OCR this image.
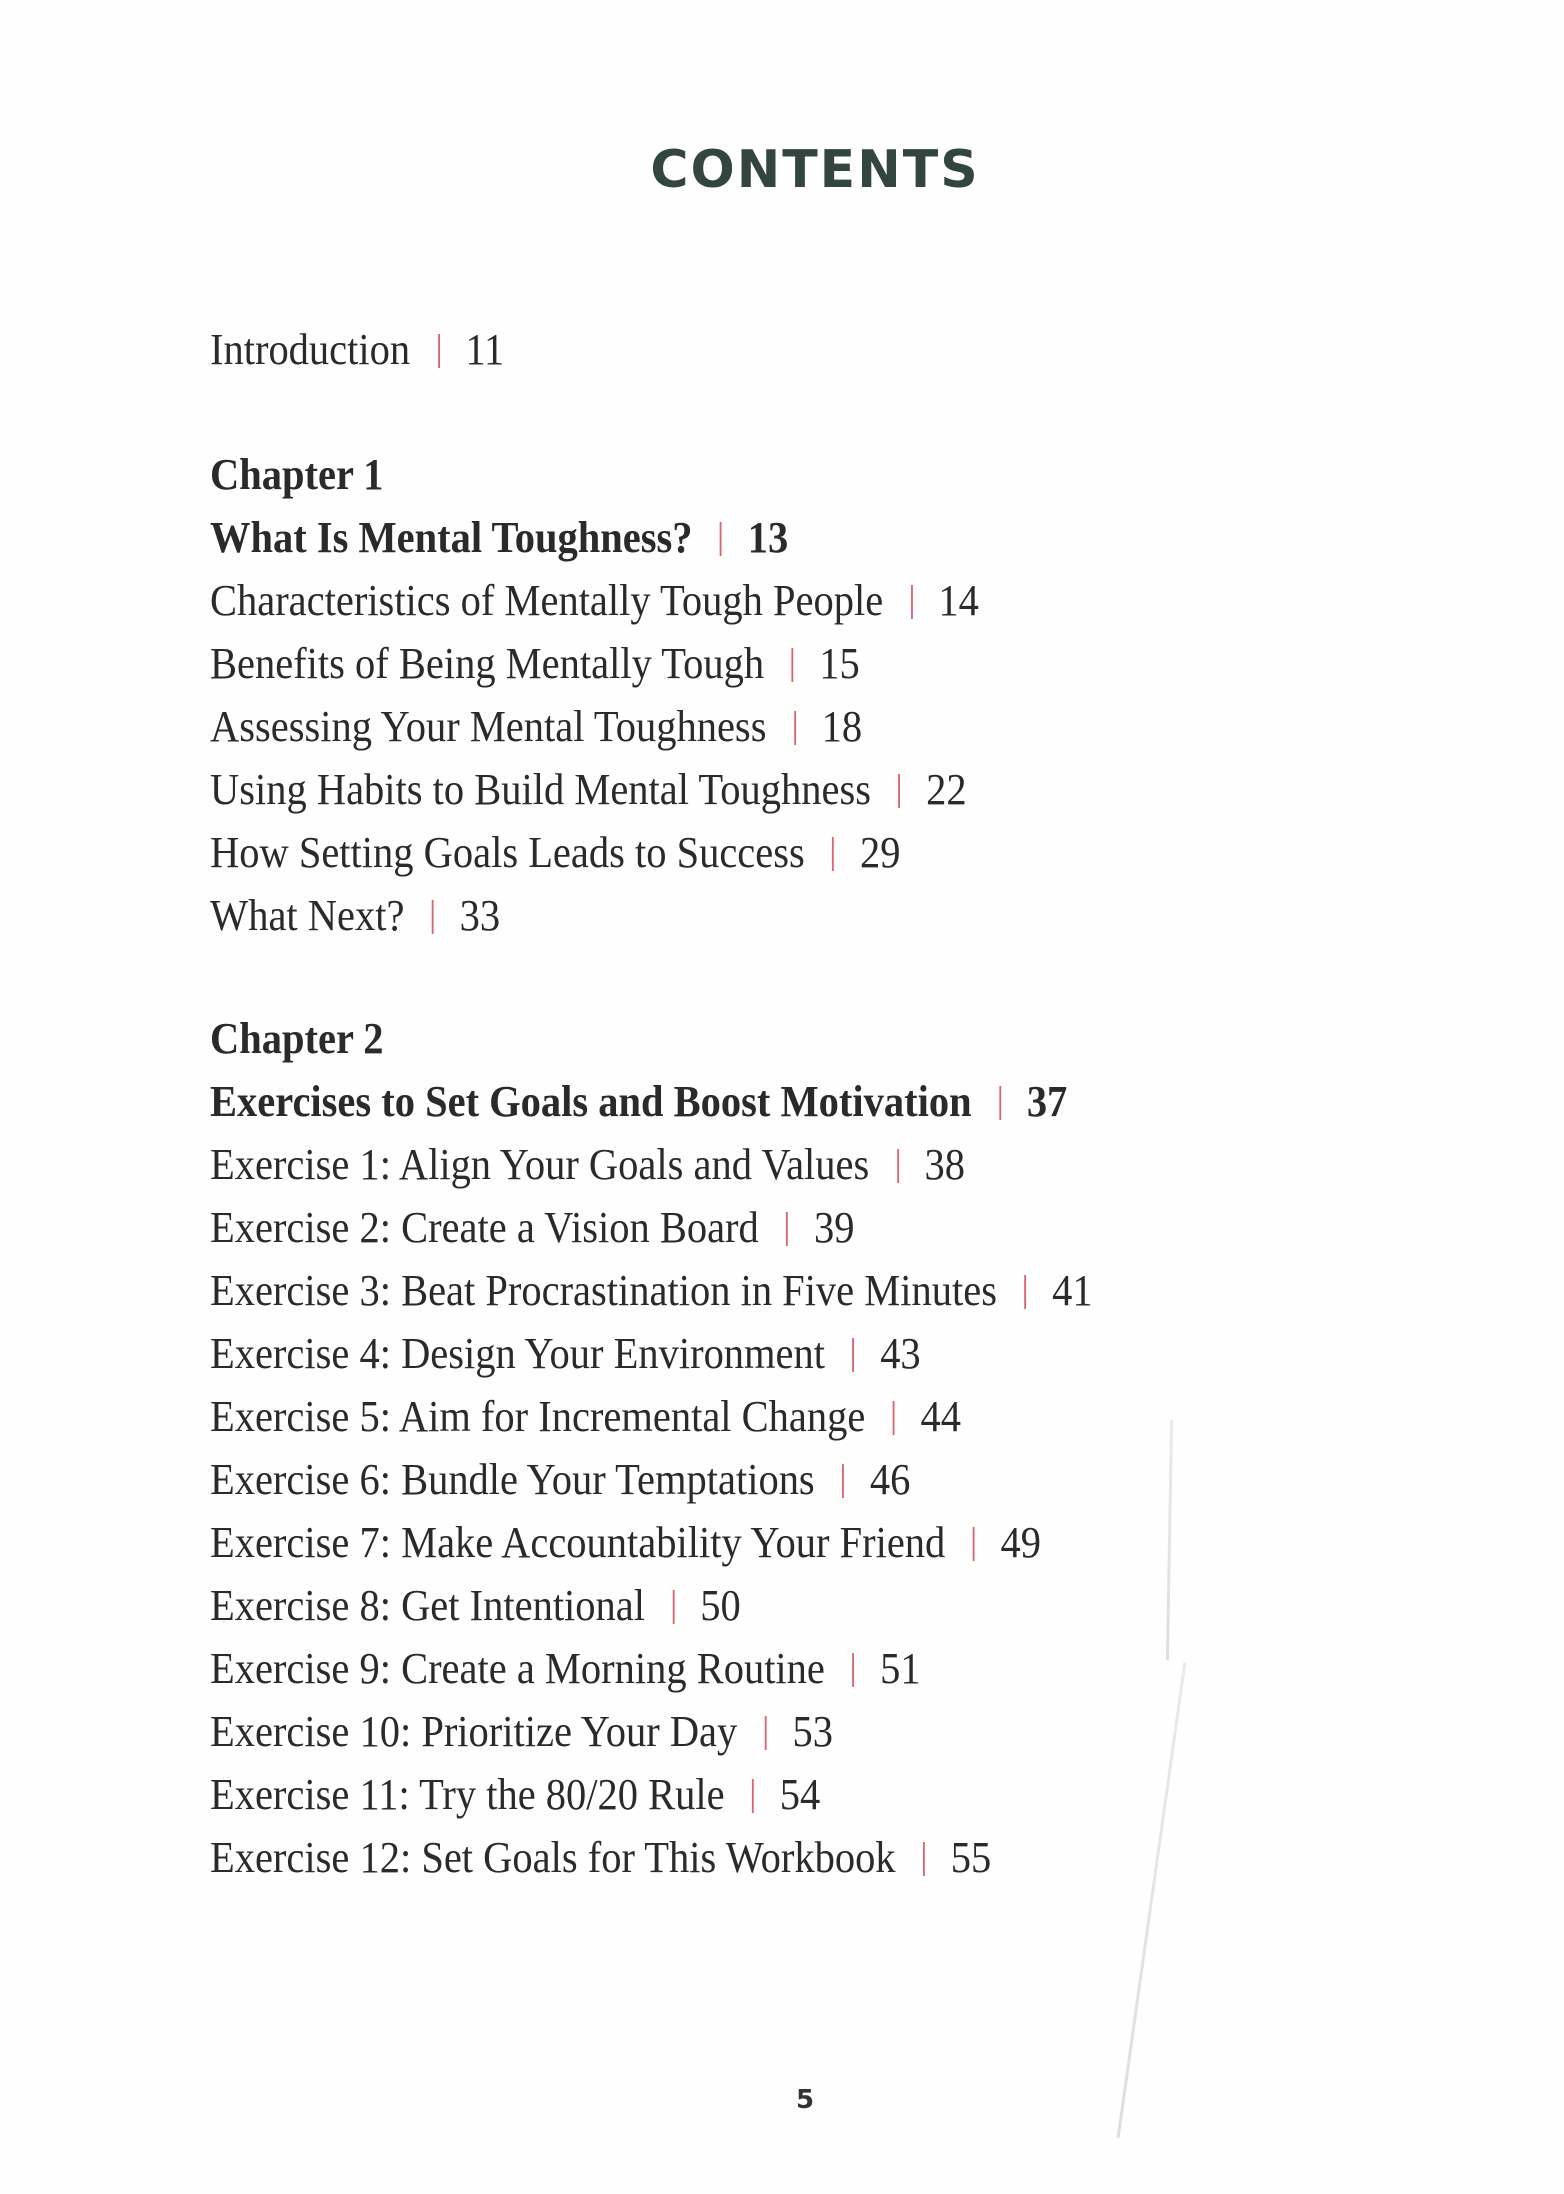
CONTENTS
Introduction 11
Chapter 1
What Is Mental Toughness? 13
Characteristics of Mentally Tough People 14
Benefits of Being Mentally Tough 15
Assessing Your Mental Toughness 18
Using Habits to Build Mental Toughness 22
How Setting Goals Leads to Success 29
What Next? 33
Chapter 2
Exercises to Set Goals and Boost Motivation 37
Exercise 1: Align Your Goals and Values 38
Exercise 2: Create a Vision Board 39
Exercise 3: Beat Procrastination in Five Minutes 41
Exercise 4: Design Your Environment 43
Exercise 5: Aim for Incremental Change 44
Exercise 6: Bundle Your Temptations 46
Exercise 7: Make Accountability Your Friend 49
Exercise 8: Get Intentional 50
Exercise 9: Create a Morning Routine 51
Exercise 10: Prioritize Your Day 53
Exercise 11: Try the 80/20 Rule 54
Exercise 12: Set Goals for This Workbook 55
5
